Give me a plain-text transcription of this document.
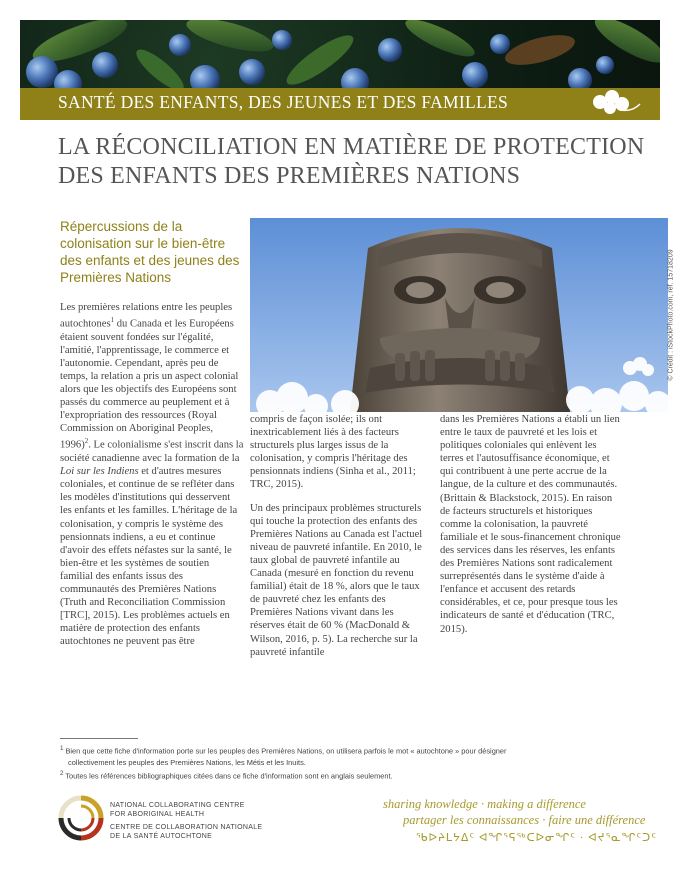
SANTÉ DES ENFANTS, DES JEUNES ET DES FAMILLES
LA RÉCONCILIATION EN MATIÈRE DE PROTECTION
DES ENFANTS DES PREMIÈRES NATIONS
Répercussions de la colonisation sur le bien-être des enfants et des jeunes des Premières Nations	© Crédit : iStockPhoto.com, réf. 15718209

Les premières relations entre les peuples autochtones$^1$ du Canada et les Européens étaient souvent fondées sur l'égalité, l'amitié, l'apprentissage, le commerce et l'autonomie. Cependant, après peu de temps, la relation a pris un aspect colonial alors que les objectifs des Européens sont passés du commerce au peuplement et à l'expropriation des ressources (Royal Commission on Aboriginal Peoples, 1996)$^2$. Le colonialisme s'est inscrit dans la société canadienne avec la formation de la Loi sur les Indiens et d'autres mesures coloniales, et continue de se refléter dans les modèles d'institutions qui desservent les enfants et les familles. L'héritage de la colonisation, y compris le système des pensionnats indiens, a eu et continue d'avoir des effets néfastes sur la santé, le bien-être et les systèmes de soutien familial des enfants issus des communautés des Premières Nations (Truth and Reconciliation Commission [TRC], 2015). Les problèmes actuels en matière de protection des enfants autochtones ne peuvent pas être

compris de façon isolée; ils ont inextricablement liés à des facteurs structurels plus larges issus de la colonisation, y compris l'héritage des pensionnats indiens (Sinha et al., 2011; TRC, 2015).

Un des principaux problèmes structurels qui touche la protection des enfants des Premières Nations au Canada est l'actuel niveau de pauvreté infantile. En 2010, le taux global de pauvreté infantile au Canada (mesuré en fonction du revenu familial) était de 18 %, alors que le taux de pauvreté chez les enfants des Premières Nations vivant dans les réserves était de 60 % (MacDonald & Wilson, 2016, p. 5). La recherche sur la pauvreté infantile

dans les Premières Nations a établi un lien entre le taux de pauvreté et les lois et politiques coloniales qui enlèvent les terres et l'autosuffisance économique, et qui contribuent à une perte accrue de la langue, de la culture et des communautés. (Brittain & Blackstock, 2015). En raison de facteurs structurels et historiques comme la colonisation, la pauvreté familiale et le sous-financement chronique des services dans les réserves, les enfants des Premières Nations sont radicalement surreprésentés dans le système d'aide à l'enfance et accusent des retards considérables, et ce, pour presque tous les indicateurs de santé et d'éducation (TRC, 2015).

$^1$ Bien que cette fiche d'information porte sur les peuples des Premières Nations, on utilisera parfois le mot « autochtone » pour désigner

collectivement les peuples des Premières Nations, les Métis et les Inuits.

$^2$ Toutes les références bibliographiques citées dans ce fiche d'information sont en anglais seulement.

NATIONAL COLLABORATING CENTRE
FOR ABORIGINAL HEALTH
CENTRE DE COLLABORATION NATIONALE
DE LA SANTÉ AUTOCHTONE
sharing knowledge · making a difference
partager les connaissances · faire une différence
ᖃᐅᔨᒪᔭᐃᑦ ᐊᖏᕐᕋᖅᑕᐅᓂᖏᑦ · ᐊᔪᕐᓇᖏᑦᑐᑦ
